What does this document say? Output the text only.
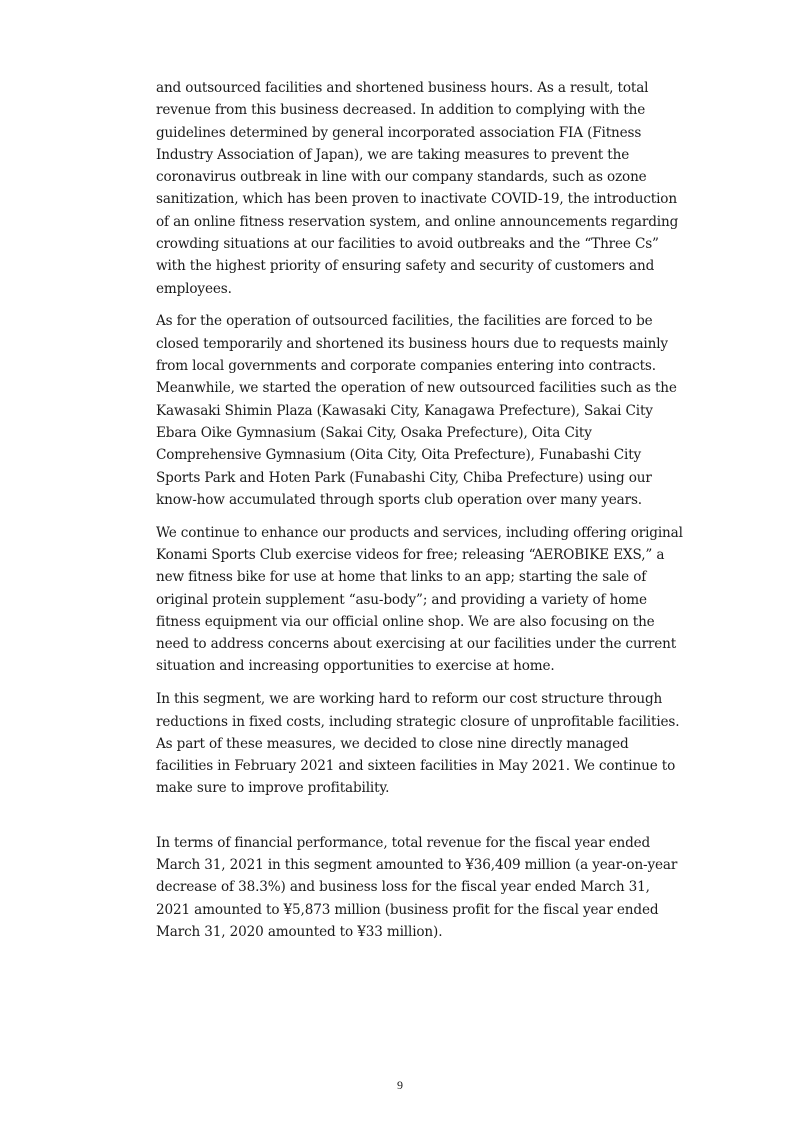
and outsourced facilities and shortened business hours. As a result, total revenue from this business decreased. In addition to complying with the guidelines determined by general incorporated association FIA (Fitness Industry Association of Japan), we are taking measures to prevent the coronavirus outbreak in line with our company standards, such as ozone sanitization, which has been proven to inactivate COVID-19, the introduction of an online fitness reservation system, and online announcements regarding crowding situations at our facilities to avoid outbreaks and the “Three Cs” with the highest priority of ensuring safety and security of customers and employees.

As for the operation of outsourced facilities, the facilities are forced to be closed temporarily and shortened its business hours due to requests mainly from local governments and corporate companies entering into contracts. Meanwhile, we started the operation of new outsourced facilities such as the Kawasaki Shimin Plaza (Kawasaki City, Kanagawa Prefecture), Sakai City Ebara Oike Gymnasium (Sakai City, Osaka Prefecture), Oita City Comprehensive Gymnasium (Oita City, Oita Prefecture), Funabashi City Sports Park and Hoten Park (Funabashi City, Chiba Prefecture) using our know-how accumulated through sports club operation over many years.

We continue to enhance our products and services, including offering original Konami Sports Club exercise videos for free; releasing “AEROBIKE EXS,” a new fitness bike for use at home that links to an app; starting the sale of original protein supplement “asu-body”; and providing a variety of home fitness equipment via our official online shop. We are also focusing on the need to address concerns about exercising at our facilities under the current situation and increasing opportunities to exercise at home.

In this segment, we are working hard to reform our cost structure through reductions in fixed costs, including strategic closure of unprofitable facilities. As part of these measures, we decided to close nine directly managed facilities in February 2021 and sixteen facilities in May 2021. We continue to make sure to improve profitability.

In terms of financial performance, total revenue for the fiscal year ended March 31, 2021 in this segment amounted to ¥36,409 million (a year-on-year decrease of 38.3%) and business loss for the fiscal year ended March 31, 2021 amounted to ¥5,873 million (business profit for the fiscal year ended March 31, 2020 amounted to ¥33 million).

9
